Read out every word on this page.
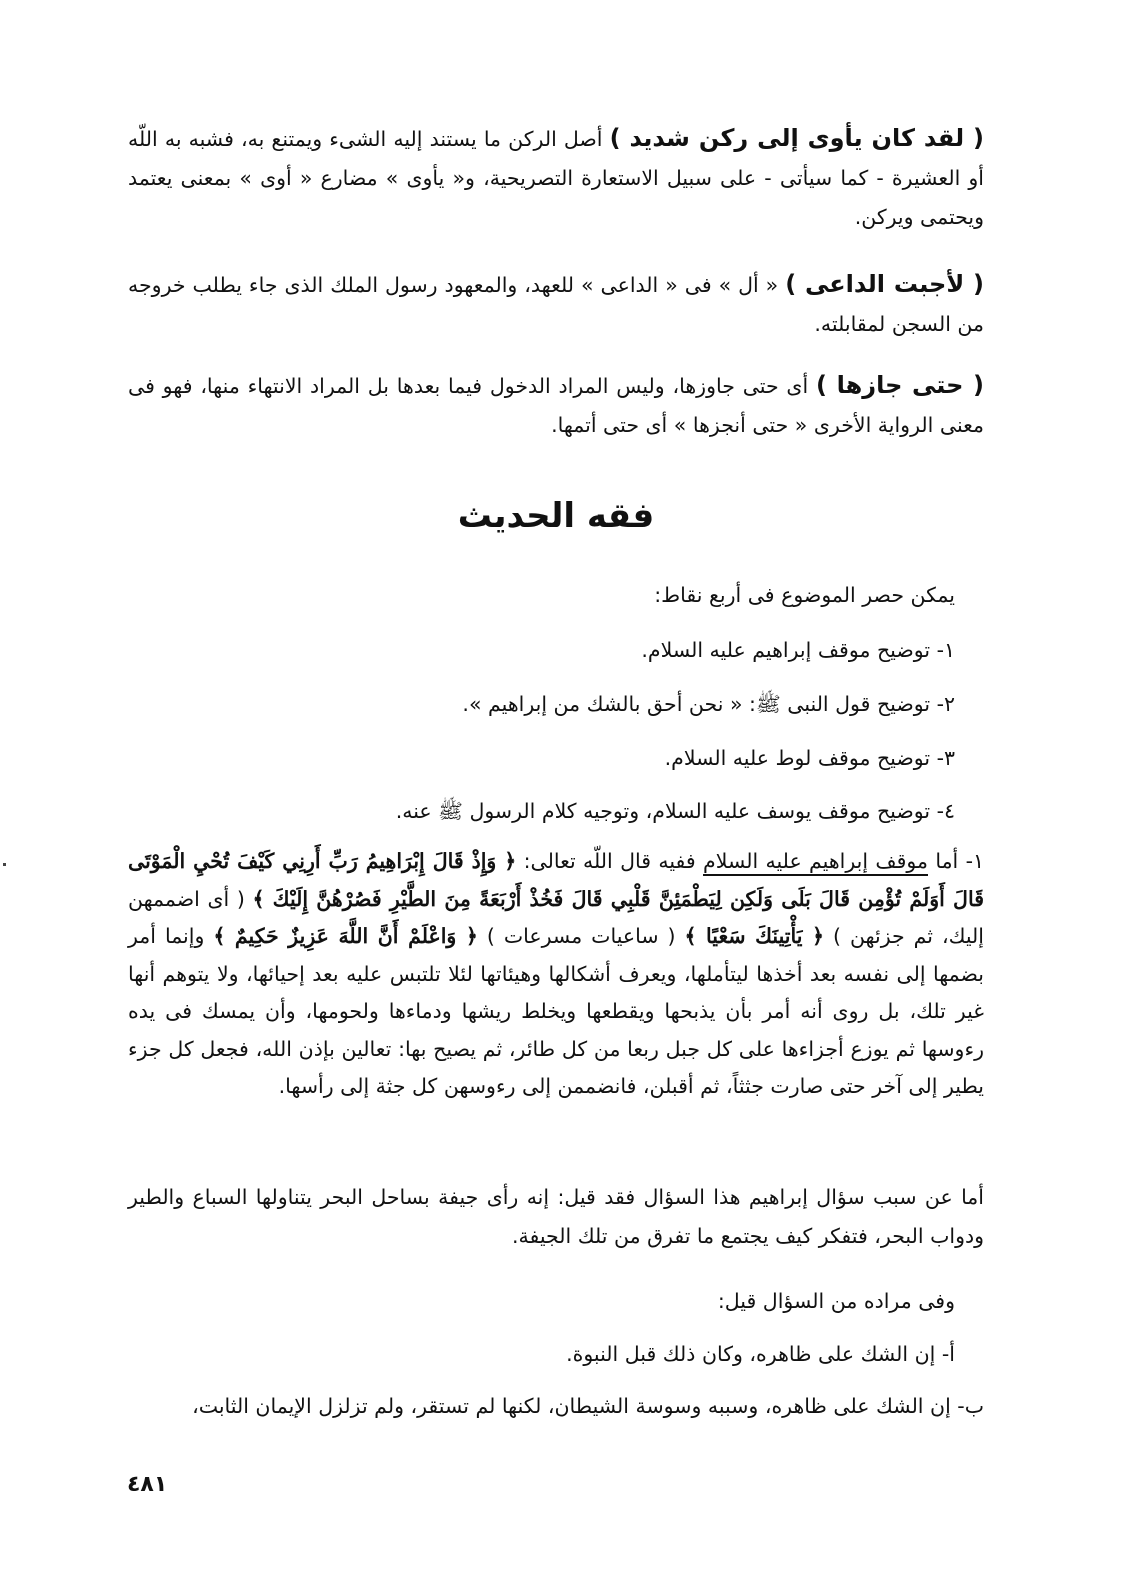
( لقد كان يأوى إلى ركن شديد ) أصل الركن ما يستند إليه الشىء ويمتنع به، فشبه به اللّه أو العشيرة - كما سيأتى - على سبيل الاستعارة التصريحية، و« يأوى » مضارع « أوى » بمعنى يعتمد ويحتمى ويركن.
( لأجبت الداعى ) « أل » فى « الداعى » للعهد، والمعهود رسول الملك الذى جاء يطلب خروجه من السجن لمقابلته.
( حتى جازها ) أى حتى جاوزها، وليس المراد الدخول فيما بعدها بل المراد الانتهاء منها، فهو فى معنى الرواية الأخرى « حتى أنجزها » أى حتى أتمها.
فقه الحديث
يمكن حصر الموضوع فى أربع نقاط:
١- توضيح موقف إبراهيم عليه السلام.
٢- توضيح قول النبى ﷺ: « نحن أحق بالشك من إبراهيم ».
٣- توضيح موقف لوط عليه السلام.
٤- توضيح موقف يوسف عليه السلام، وتوجيه كلام الرسول ﷺ عنه.
١- أما موقف إبراهيم عليه السلام ففيه قال اللّه تعالى: ﴿ وَإِذْ قَالَ إِبْرَاهِيمُ رَبِّ أَرِنِي كَيْفَ تُحْيِ الْمَوْتَى قَالَ أَوَلَمْ تُؤْمِن قَالَ بَلَى وَلَكِن لِيَطْمَئِنَّ قَلْبِي قَالَ فَخُذْ أَرْبَعَةً مِنَ الطَّيْرِ فَصُرْهُنَّ إِلَيْكَ ﴾ ( أى اضممهن إليك، ثم جزئهن ) ﴿ يَأْتِينَكَ سَعْيًا ﴾ ( ساعيات مسرعات ) ﴿ وَاعْلَمْ أَنَّ اللَّهَ عَزِيزٌ حَكِيمٌ ﴾ وإنما أمر بضمها إلى نفسه بعد أخذها ليتأملها، ويعرف أشكالها وهيئاتها لئلا تلتبس عليه بعد إحيائها، ولا يتوهم أنها غير تلك، بل روى أنه أمر بأن يذبحها ويقطعها ويخلط ريشها ودماءها ولحومها، وأن يمسك فى يده رءوسها ثم يوزع أجزاءها على كل جبل ربعا من كل طائر، ثم يصيح بها: تعالين بإذن الله، فجعل كل جزء يطير إلى آخر حتى صارت جثثاً، ثم أقبلن، فانضممن إلى رءوسهن كل جثة إلى رأسها.
أما عن سبب سؤال إبراهيم هذا السؤال فقد قيل: إنه رأى جيفة بساحل البحر يتناولها السباع والطير ودواب البحر، فتفكر كيف يجتمع ما تفرق من تلك الجيفة.
وفى مراده من السؤال قيل:
أ- إن الشك على ظاهره، وكان ذلك قبل النبوة.
ب- إن الشك على ظاهره، وسببه وسوسة الشيطان، لكنها لم تستقر، ولم تزلزل الإيمان الثابت،
٤٨١
